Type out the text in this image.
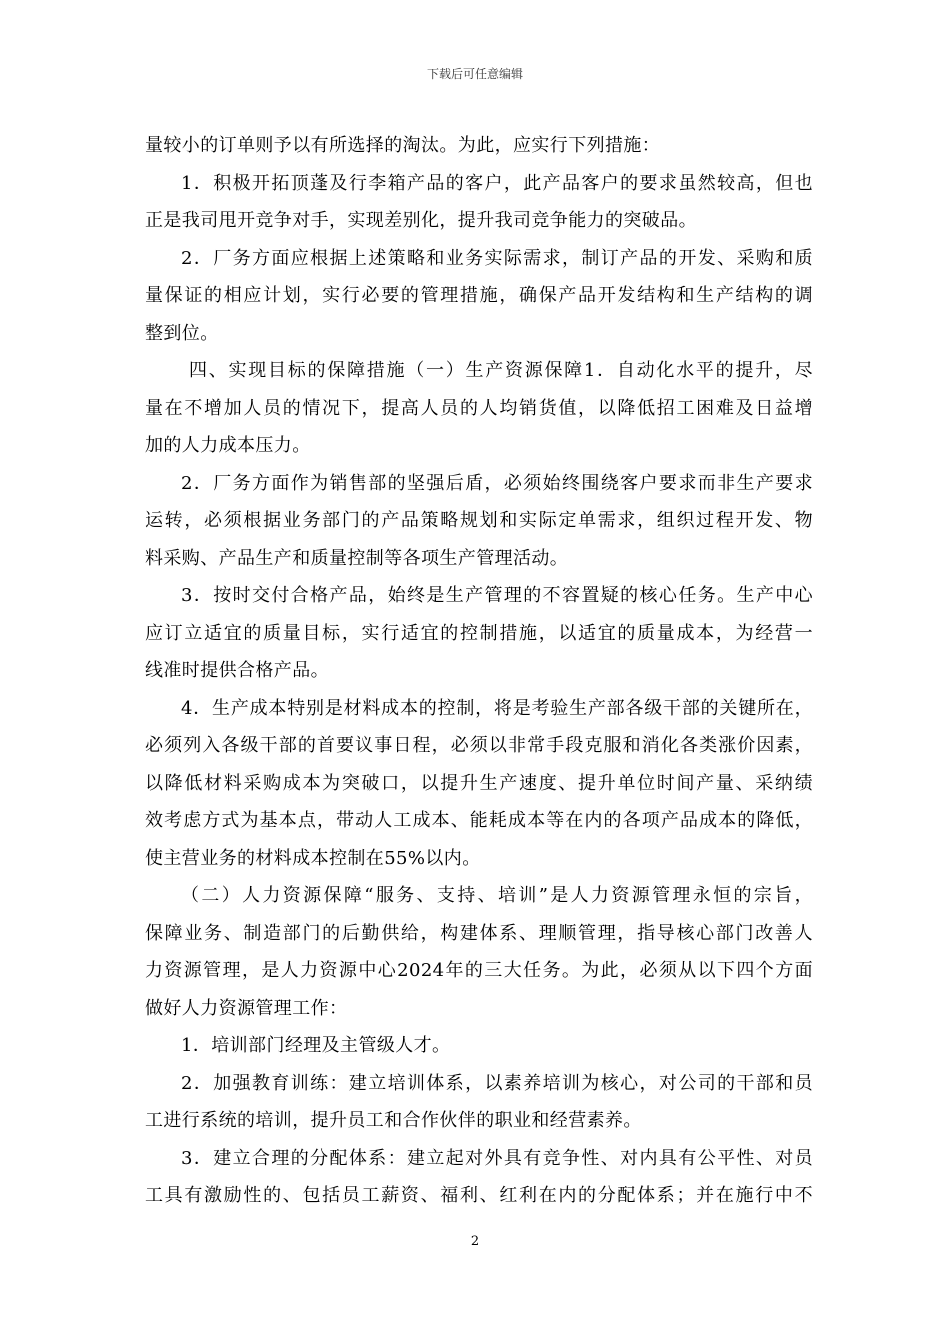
下载后可任意编辑
量较小的订单则予以有所选择的淘汰。为此，应实行下列措施：
1．积极开拓顶蓬及行李箱产品的客户，此产品客户的要求虽然较高，但也
正是我司甩开竞争对手，实现差别化，提升我司竞争能力的突破品。
2．厂务方面应根据上述策略和业务实际需求，制订产品的开发、采购和质
量保证的相应计划，实行必要的管理措施，确保产品开发结构和生产结构的调
整到位。
四、实现目标的保障措施（一）生产资源保障1．自动化水平的提升，尽
量在不增加人员的情况下，提高人员的人均销货值，以降低招工困难及日益增
加的人力成本压力。
2．厂务方面作为销售部的坚强后盾，必须始终围绕客户要求而非生产要求
运转，必须根据业务部门的产品策略规划和实际定单需求，组织过程开发、物
料采购、产品生产和质量控制等各项生产管理活动。
3．按时交付合格产品，始终是生产管理的不容置疑的核心任务。生产中心
应订立适宜的质量目标，实行适宜的控制措施，以适宜的质量成本，为经营一
线准时提供合格产品。
4．生产成本特别是材料成本的控制，将是考验生产部各级干部的关键所在，
必须列入各级干部的首要议事日程，必须以非常手段克服和消化各类涨价因素，
以降低材料采购成本为突破口，以提升生产速度、提升单位时间产量、采纳绩
效考虑方式为基本点，带动人工成本、能耗成本等在内的各项产品成本的降低，
使主营业务的材料成本控制在55%以内。
（二）人力资源保障“服务、支持、培训”是人力资源管理永恒的宗旨，
保障业务、制造部门的后勤供给，构建体系、理顺管理，指导核心部门改善人
力资源管理，是人力资源中心2024年的三大任务。为此，必须从以下四个方面
做好人力资源管理工作：
1．培训部门经理及主管级人才。
2．加强教育训练：建立培训体系，以素养培训为核心，对公司的干部和员
工进行系统的培训，提升员工和合作伙伴的职业和经营素养。
3．建立合理的分配体系：建立起对外具有竞争性、对内具有公平性、对员
工具有激励性的、包括员工薪资、福利、红利在内的分配体系；并在施行中不
2
